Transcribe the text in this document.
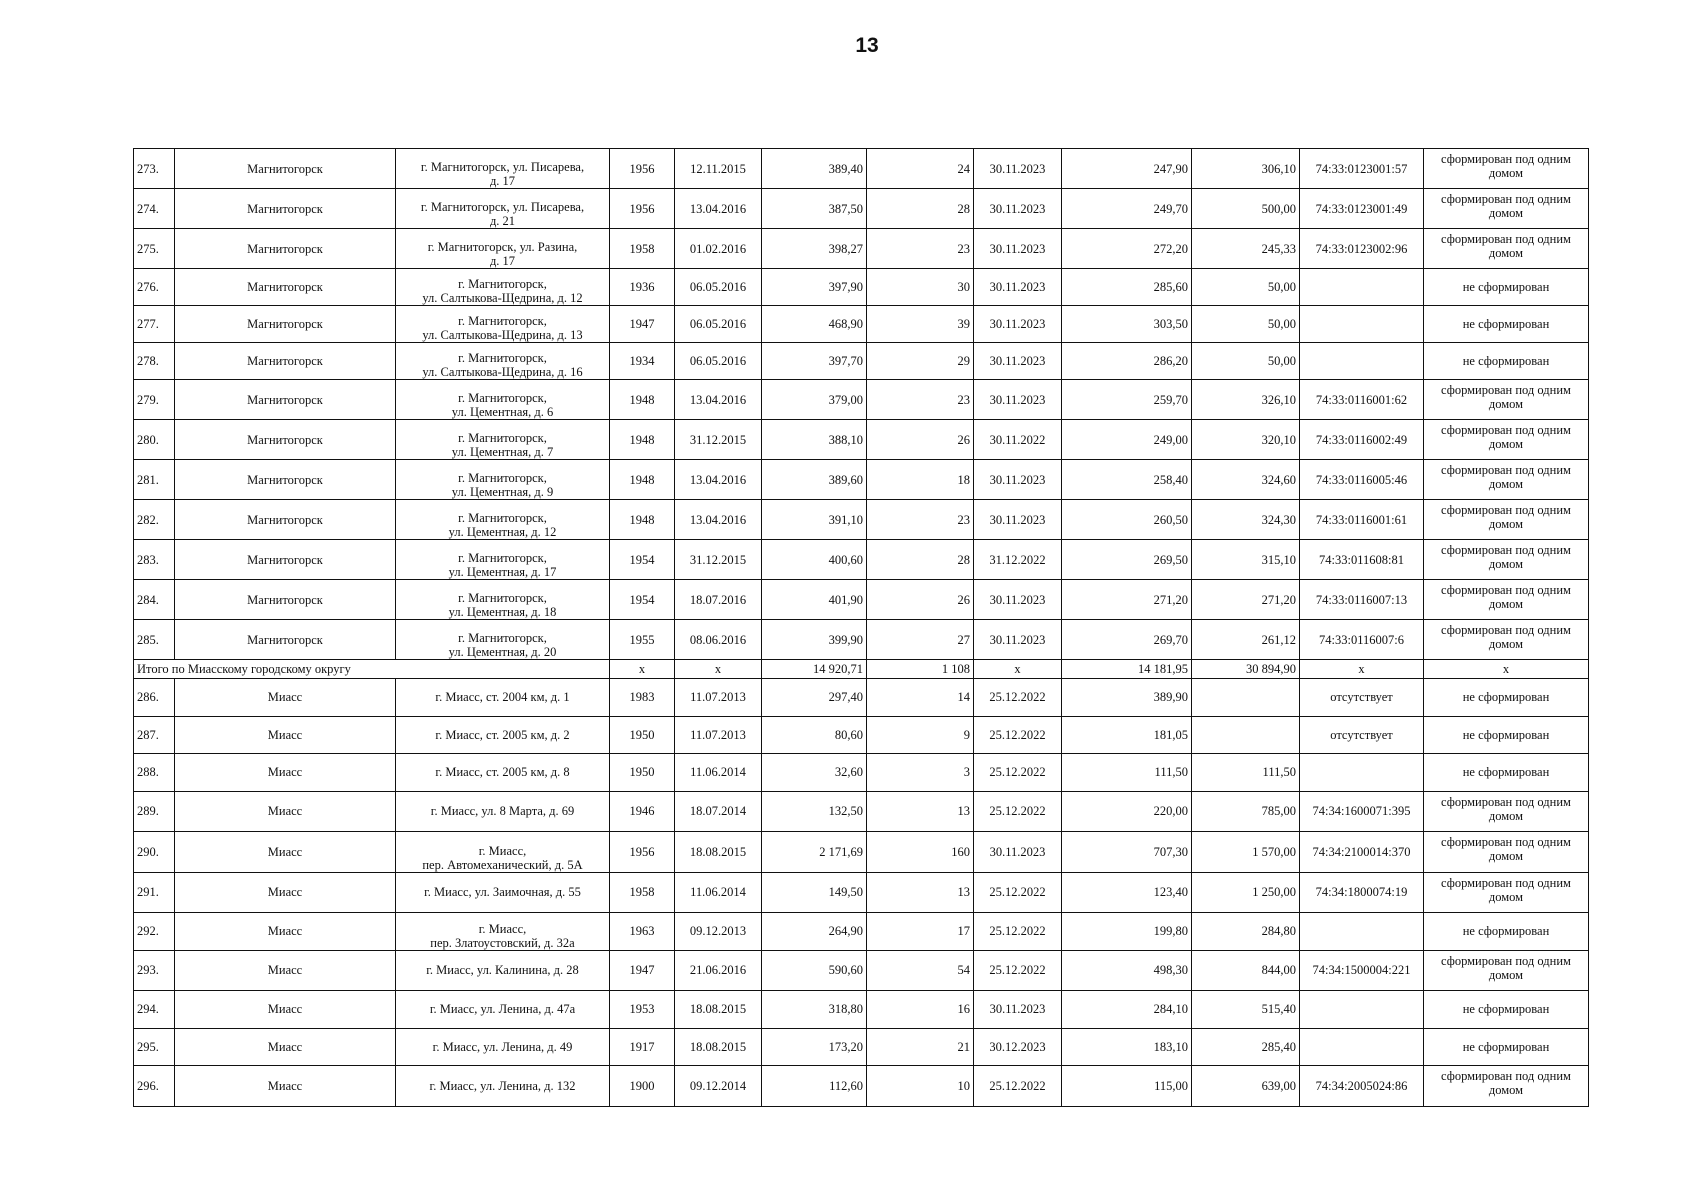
13
273.	Магнитогорск	г. Магнитогорск, ул. Писарева,
д. 17	1956	12.11.2015	389,40	24	30.11.2023	247,90	306,10	74:33:0123001:57	сформирован под одним домом
274.	Магнитогорск	г. Магнитогорск, ул. Писарева,
д. 21	1956	13.04.2016	387,50	28	30.11.2023	249,70	500,00	74:33:0123001:49	сформирован под одним домом
275.	Магнитогорск	г. Магнитогорск, ул. Разина,
д. 17	1958	01.02.2016	398,27	23	30.11.2023	272,20	245,33	74:33:0123002:96	сформирован под одним домом
276.	Магнитогорск	г. Магнитогорск,
ул. Салтыкова-Щедрина, д. 12	1936	06.05.2016	397,90	30	30.11.2023	285,60	50,00		не сформирован
277.	Магнитогорск	г. Магнитогорск,
ул. Салтыкова-Щедрина, д. 13	1947	06.05.2016	468,90	39	30.11.2023	303,50	50,00		не сформирован
278.	Магнитогорск	г. Магнитогорск,
ул. Салтыкова-Щедрина, д. 16	1934	06.05.2016	397,70	29	30.11.2023	286,20	50,00		не сформирован
279.	Магнитогорск	г. Магнитогорск,
ул. Цементная, д. 6	1948	13.04.2016	379,00	23	30.11.2023	259,70	326,10	74:33:0116001:62	сформирован под одним домом
280.	Магнитогорск	г. Магнитогорск,
ул. Цементная, д. 7	1948	31.12.2015	388,10	26	30.11.2022	249,00	320,10	74:33:0116002:49	сформирован под одним домом
281.	Магнитогорск	г. Магнитогорск,
ул. Цементная, д. 9	1948	13.04.2016	389,60	18	30.11.2023	258,40	324,60	74:33:0116005:46	сформирован под одним домом
282.	Магнитогорск	г. Магнитогорск,
ул. Цементная, д. 12	1948	13.04.2016	391,10	23	30.11.2023	260,50	324,30	74:33:0116001:61	сформирован под одним домом
283.	Магнитогорск	г. Магнитогорск,
ул. Цементная, д. 17	1954	31.12.2015	400,60	28	31.12.2022	269,50	315,10	74:33:011608:81	сформирован под одним домом
284.	Магнитогорск	г. Магнитогорск,
ул. Цементная, д. 18	1954	18.07.2016	401,90	26	30.11.2023	271,20	271,20	74:33:0116007:13	сформирован под одним домом
285.	Магнитогорск	г. Магнитогорск,
ул. Цементная, д. 20	1955	08.06.2016	399,90	27	30.11.2023	269,70	261,12	74:33:0116007:6	сформирован под одним домом
Итого по Миасскому городскому округу			x	x	14 920,71	1 108	x	14 181,95	30 894,90	x	x
286.	Миасс	г. Миасс, ст. 2004 км, д. 1	1983	11.07.2013	297,40	14	25.12.2022	389,90		отсутствует	не сформирован
287.	Миасс	г. Миасс, ст. 2005 км, д. 2	1950	11.07.2013	80,60	9	25.12.2022	181,05		отсутствует	не сформирован
288.	Миасс	г. Миасс, ст. 2005 км, д. 8	1950	11.06.2014	32,60	3	25.12.2022	111,50	111,50		не сформирован
289.	Миасс	г. Миасс, ул. 8 Марта, д. 69	1946	18.07.2014	132,50	13	25.12.2022	220,00	785,00	74:34:1600071:395	сформирован под одним домом
290.	Миасс	г. Миасс,
пер. Автомеханический, д. 5А	1956	18.08.2015	2 171,69	160	30.11.2023	707,30	1 570,00	74:34:2100014:370	сформирован под одним домом
291.	Миасс	г. Миасс, ул. Заимочная, д. 55	1958	11.06.2014	149,50	13	25.12.2022	123,40	1 250,00	74:34:1800074:19	сформирован под одним домом
292.	Миасс	г. Миасс,
пер. Златоустовский, д. 32а	1963	09.12.2013	264,90	17	25.12.2022	199,80	284,80		не сформирован
293.	Миасс	г. Миасс, ул. Калинина, д. 28	1947	21.06.2016	590,60	54	25.12.2022	498,30	844,00	74:34:1500004:221	сформирован под одним домом
294.	Миасс	г. Миасс, ул. Ленина, д. 47а	1953	18.08.2015	318,80	16	30.11.2023	284,10	515,40		не сформирован
295.	Миасс	г. Миасс, ул. Ленина, д. 49	1917	18.08.2015	173,20	21	30.12.2023	183,10	285,40		не сформирован
296.	Миасс	г. Миасс, ул. Ленина, д. 132	1900	09.12.2014	112,60	10	25.12.2022	115,00	639,00	74:34:2005024:86	сформирован под одним домом
